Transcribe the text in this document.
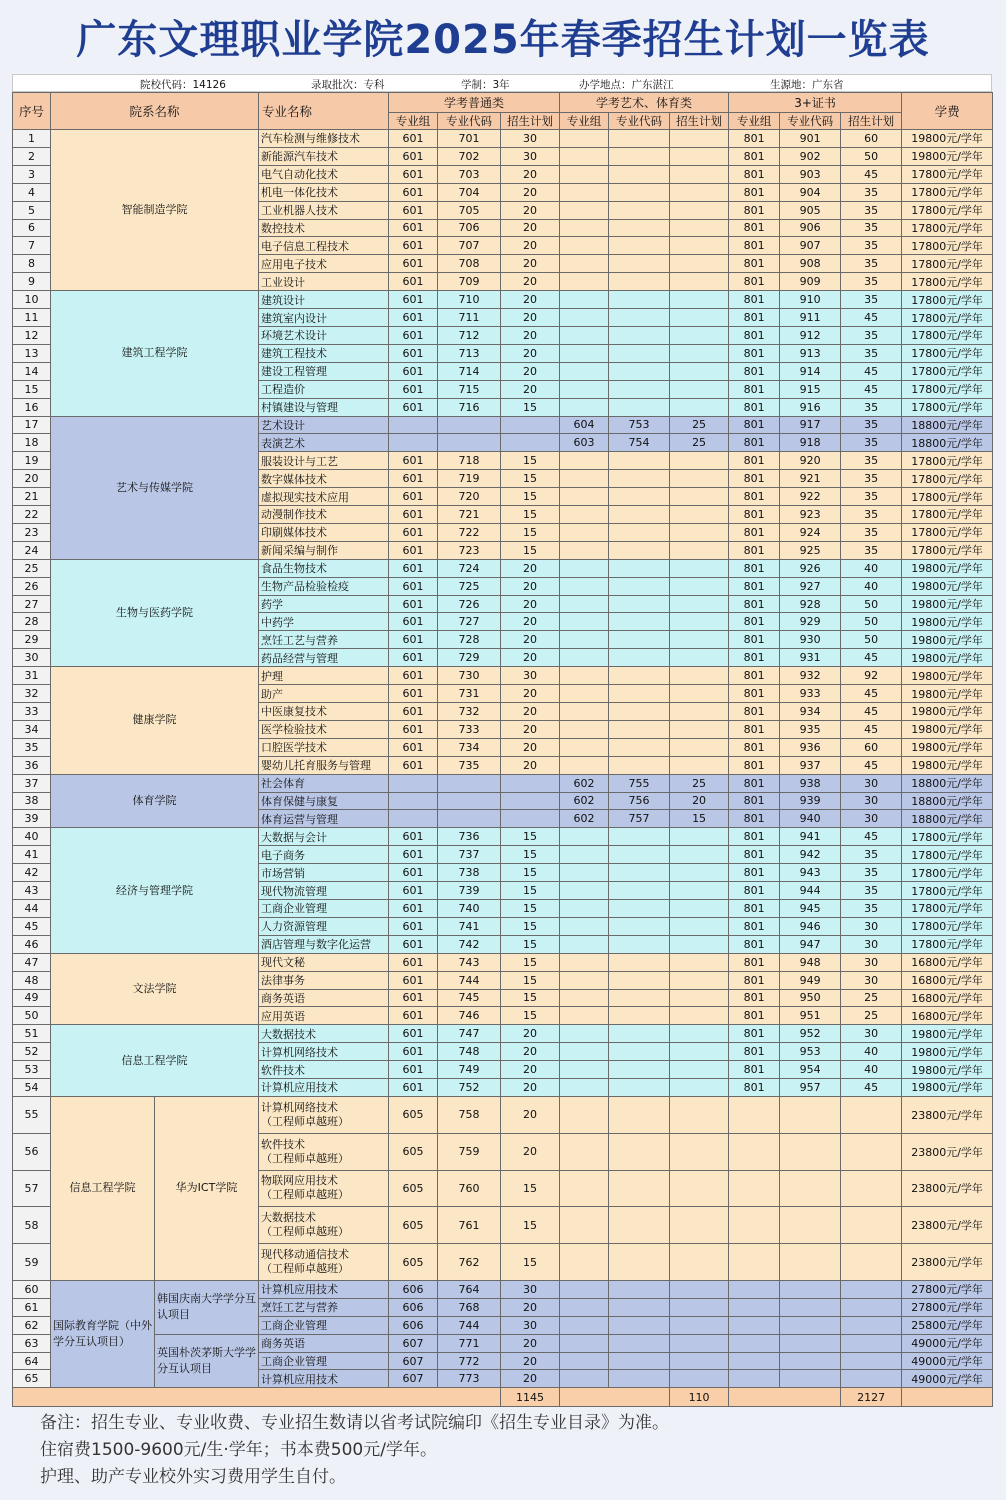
广东文理职业学院2025年春季招生计划一览表
院校代码：14126	录取批次：专科	学制：3年	办学地点：广东湛江	生源地：广东省
序号	院系名称		专业名称	学考普通类			学考艺术、体育类			3+证书			学费
				专业组	专业代码	招生计划	专业组	专业代码	招生计划	专业组	专业代码	招生计划	
1	智能制造学院		汽车检测与维修技术	601	701	30				801	901	60	19800元/学年
2			新能源汽车技术	601	702	30				801	902	50	19800元/学年
3			电气自动化技术	601	703	20				801	903	45	17800元/学年
4			机电一体化技术	601	704	20				801	904	35	17800元/学年
5			工业机器人技术	601	705	20				801	905	35	17800元/学年
6			数控技术	601	706	20				801	906	35	17800元/学年
7			电子信息工程技术	601	707	20				801	907	35	17800元/学年
8			应用电子技术	601	708	20				801	908	35	17800元/学年
9			工业设计	601	709	20				801	909	35	17800元/学年
10	建筑工程学院		建筑设计	601	710	20				801	910	35	17800元/学年
11			建筑室内设计	601	711	20				801	911	45	17800元/学年
12			环境艺术设计	601	712	20				801	912	35	17800元/学年
13			建筑工程技术	601	713	20				801	913	35	17800元/学年
14			建设工程管理	601	714	20				801	914	45	17800元/学年
15			工程造价	601	715	20				801	915	45	17800元/学年
16			村镇建设与管理	601	716	15				801	916	35	17800元/学年
17	艺术与传媒学院		艺术设计				604	753	25	801	917	35	18800元/学年
18			表演艺术				603	754	25	801	918	35	18800元/学年
19			服装设计与工艺	601	718	15				801	920	35	17800元/学年
20			数字媒体技术	601	719	15				801	921	35	17800元/学年
21			虚拟现实技术应用	601	720	15				801	922	35	17800元/学年
22			动漫制作技术	601	721	15				801	923	35	17800元/学年
23			印刷媒体技术	601	722	15				801	924	35	17800元/学年
24			新闻采编与制作	601	723	15				801	925	35	17800元/学年
25	生物与医药学院		食品生物技术	601	724	20				801	926	40	19800元/学年
26			生物产品检验检疫	601	725	20				801	927	40	19800元/学年
27			药学	601	726	20				801	928	50	19800元/学年
28			中药学	601	727	20				801	929	50	19800元/学年
29			烹饪工艺与营养	601	728	20				801	930	50	19800元/学年
30			药品经营与管理	601	729	20				801	931	45	19800元/学年
31	健康学院		护理	601	730	30				801	932	92	19800元/学年
32			助产	601	731	20				801	933	45	19800元/学年
33			中医康复技术	601	732	20				801	934	45	19800元/学年
34			医学检验技术	601	733	20				801	935	45	19800元/学年
35			口腔医学技术	601	734	20				801	936	60	19800元/学年
36			婴幼儿托育服务与管理	601	735	20				801	937	45	19800元/学年
37	体育学院		社会体育				602	755	25	801	938	30	18800元/学年
38			体育保健与康复				602	756	20	801	939	30	18800元/学年
39			体育运营与管理				602	757	15	801	940	30	18800元/学年
40	经济与管理学院		大数据与会计	601	736	15				801	941	45	17800元/学年
41			电子商务	601	737	15				801	942	35	17800元/学年
42			市场营销	601	738	15				801	943	35	17800元/学年
43			现代物流管理	601	739	15				801	944	35	17800元/学年
44			工商企业管理	601	740	15				801	945	35	17800元/学年
45			人力资源管理	601	741	15				801	946	30	17800元/学年
46			酒店管理与数字化运营	601	742	15				801	947	30	17800元/学年
47	文法学院		现代文秘	601	743	15				801	948	30	16800元/学年
48			法律事务	601	744	15				801	949	30	16800元/学年
49			商务英语	601	745	15				801	950	25	16800元/学年
50			应用英语	601	746	15				801	951	25	16800元/学年
51	信息工程学院		大数据技术	601	747	20				801	952	30	19800元/学年
52			计算机网络技术	601	748	20				801	953	40	19800元/学年
53			软件技术	601	749	20				801	954	40	19800元/学年
54			计算机应用技术	601	752	20				801	957	45	19800元/学年
55	信息工程学院	华为ICT学院	计算机网络技术
（工程师卓越班）	605	758	20							23800元/学年
56			软件技术
（工程师卓越班）	605	759	20							23800元/学年
57			物联网应用技术
（工程师卓越班）	605	760	15							23800元/学年
58			大数据技术
（工程师卓越班）	605	761	15							23800元/学年
59			现代移动通信技术
（工程师卓越班）	605	762	15							23800元/学年
60	国际教育学院（中外学分互认项目）	韩国庆南大学学分互认项目	计算机应用技术	606	764	30							27800元/学年
61			烹饪工艺与营养	606	768	20							27800元/学年
62			工商企业管理	606	744	30							25800元/学年
63		英国朴茨茅斯大学学分互认项目	商务英语	607	771	20							49000元/学年
64			工商企业管理	607	772	20							49000元/学年
65			计算机应用技术	607	773	20							49000元/学年
						1145			110			2127	
备注：招生专业、专业收费、专业招生数请以省考试院编印《招生专业目录》为准。
住宿费1500-9600元/生·学年；书本费500元/学年。
护理、助产专业校外实习费用学生自付。
